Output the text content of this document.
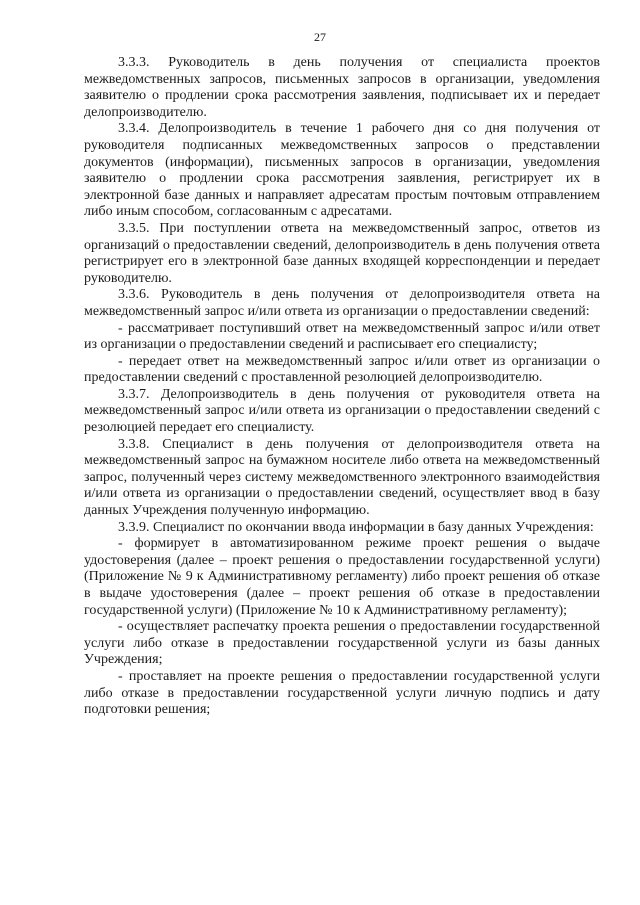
27

3.3.3. Руководитель в день получения от специалиста проектов межведомственных запросов, письменных запросов в организации, уведомления заявителю о продлении срока рассмотрения заявления, подписывает их и передает делопроизводителю.

3.3.4. Делопроизводитель в течение 1 рабочего дня со дня получения от руководителя подписанных межведомственных запросов о представлении документов (информации), письменных запросов в организации, уведомления заявителю о продлении срока рассмотрения заявления, регистрирует их в электронной базе данных и направляет адресатам простым почтовым отправлением либо иным способом, согласованным с адресатами.

3.3.5. При поступлении ответа на межведомственный запрос, ответов из организаций о предоставлении сведений, делопроизводитель в день получения ответа регистрирует его в электронной базе данных входящей корреспонденции и передает руководителю.

3.3.6. Руководитель в день получения от делопроизводителя ответа на межведомственный запрос и/или ответа из организации о предоставлении сведений:

- рассматривает поступивший ответ на межведомственный запрос и/или ответ из организации о предоставлении сведений и расписывает его специалисту;

- передает ответ на межведомственный запрос и/или ответ из организации о предоставлении сведений с проставленной резолюцией делопроизводителю.

3.3.7. Делопроизводитель в день получения от руководителя ответа на межведомственный запрос и/или ответа из организации о предоставлении сведений с резолюцией передает его специалисту.

3.3.8. Специалист в день получения от делопроизводителя ответа на межведомственный запрос на бумажном носителе либо ответа на межведомственный запрос, полученный через систему межведомственного электронного взаимодействия и/или ответа из организации о предоставлении сведений, осуществляет ввод в базу данных Учреждения полученную информацию.

3.3.9. Специалист по окончании ввода информации в базу данных Учреждения:

- формирует в автоматизированном режиме проект решения о выдаче удостоверения (далее – проект решения о предоставлении государственной услуги) (Приложение № 9 к Административному регламенту) либо проект решения об отказе в выдаче удостоверения (далее – проект решения об отказе в предоставлении государственной услуги) (Приложение № 10 к Административному регламенту);

- осуществляет распечатку проекта решения о предоставлении государственной услуги либо отказе в предоставлении государственной услуги из базы данных Учреждения;

- проставляет на проекте решения о предоставлении государственной услуги либо отказе в предоставлении государственной услуги личную подпись и дату подготовки решения;
